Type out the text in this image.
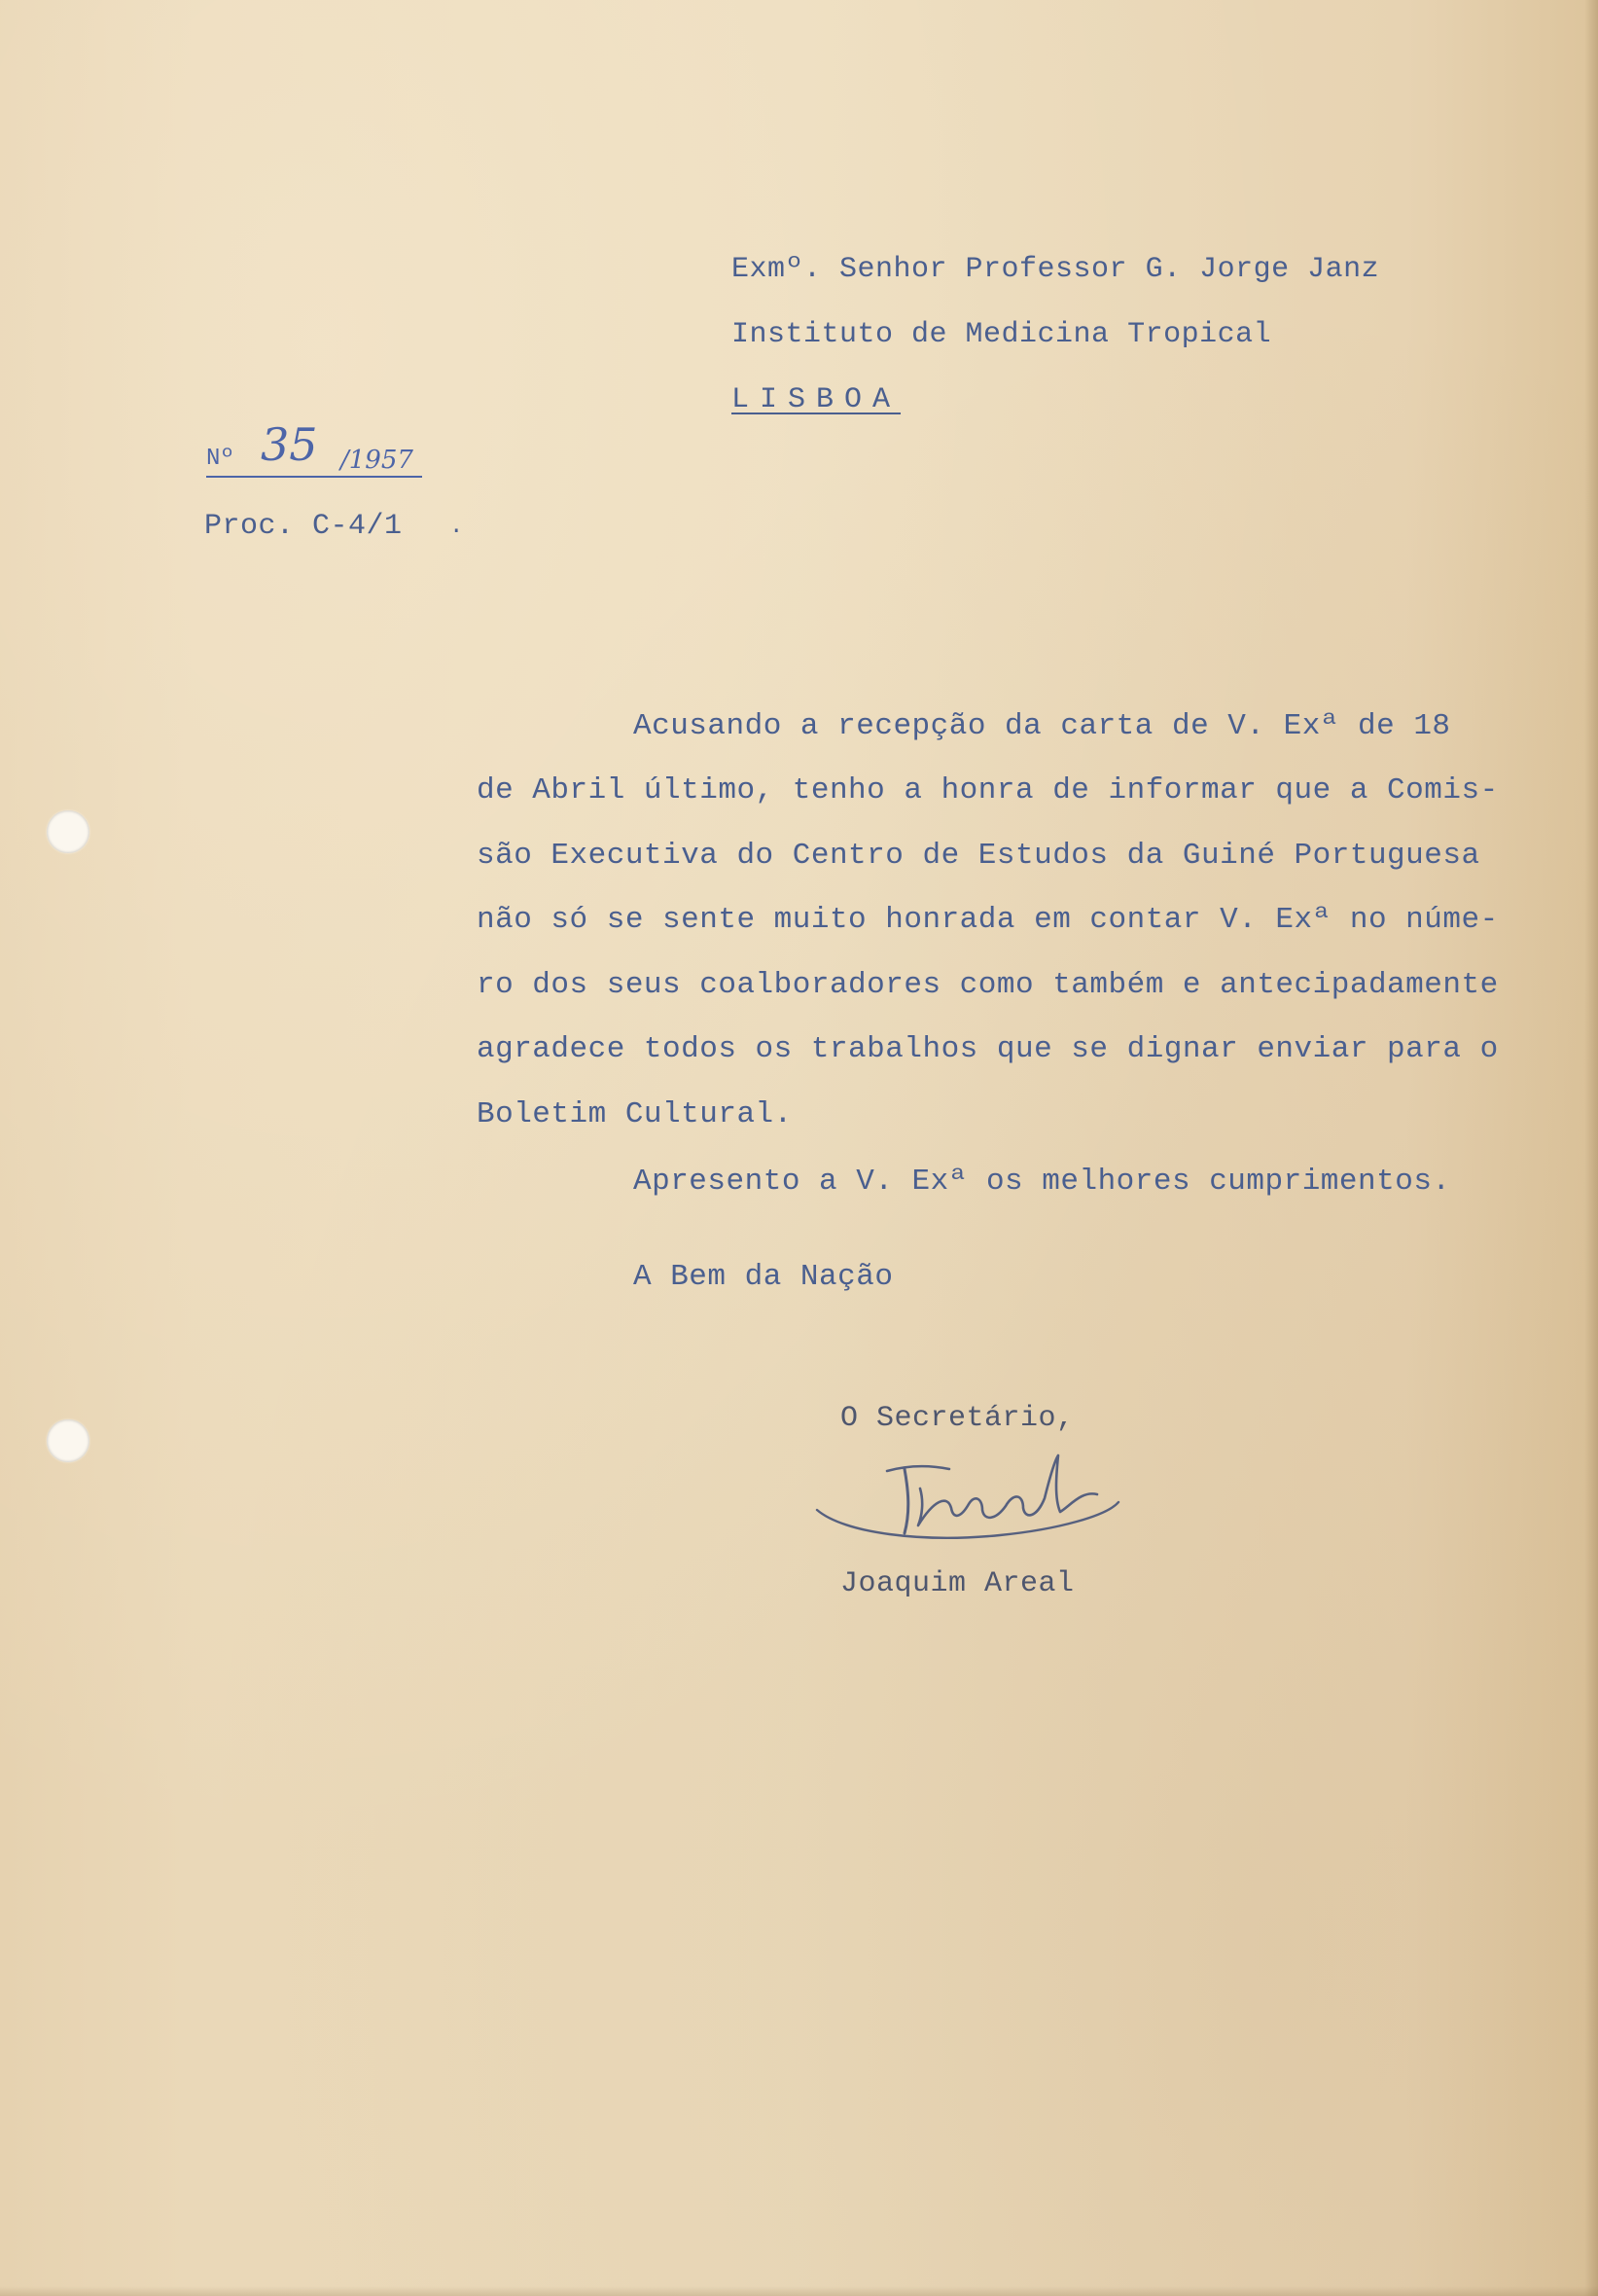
Exmº. Senhor Professor G. Jorge Janz
Instituto de Medicina Tropical
LISBOA
Nº 35 /1957
Proc. C-4/1 .
Acusando a recepção da carta de V. Exª de 18
de Abril último, tenho a honra de informar que a Comis-
são Executiva do Centro de Estudos da Guiné Portuguesa
não só se sente muito honrada em contar V. Exª no núme-
ro dos seus coalboradores como também e antecipadamente
agradece todos os trabalhos que se dignar enviar para o
Boletim Cultural.
Apresento a V. Exª os melhores cumprimentos.
A Bem da Nação
O Secretário,
Joaquim Areal
